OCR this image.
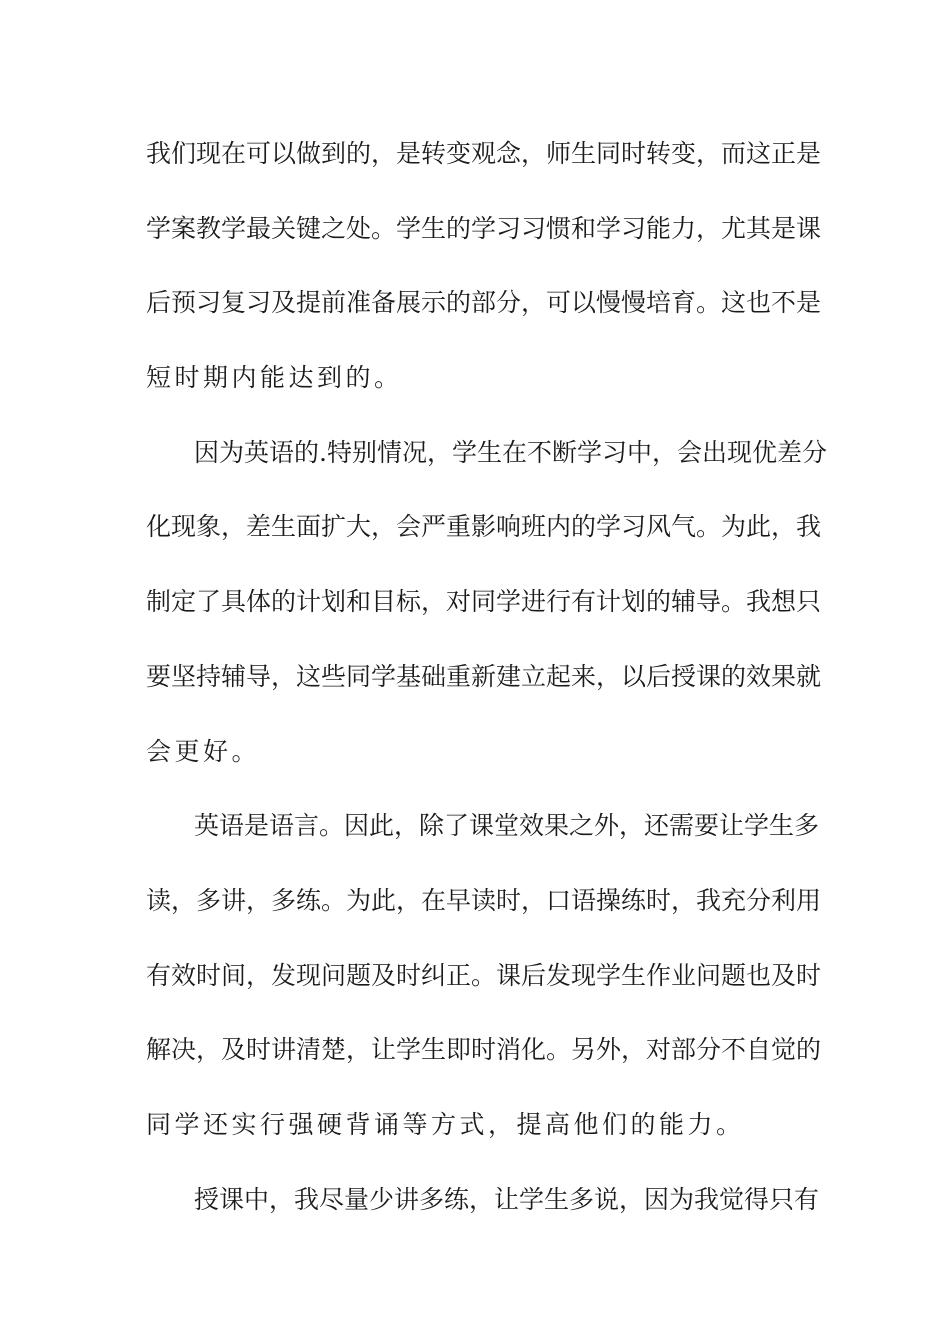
我们现在可以做到的，是转变观念，师生同时转变，而这正是
学案教学最关键之处。学生的学习习惯和学习能力，尤其是课
后预习复习及提前准备展示的部分，可以慢慢培育。这也不是
短时期内能达到的。
因为英语的.特别情况，学生在不断学习中，会出现优差分
化现象，差生面扩大，会严重影响班内的学习风气。为此，我
制定了具体的计划和目标，对同学进行有计划的辅导。我想只
要坚持辅导，这些同学基础重新建立起来，以后授课的效果就
会更好。
英语是语言。因此，除了课堂效果之外，还需要让学生多
读，多讲，多练。为此，在早读时，口语操练时，我充分利用
有效时间，发现问题及时纠正。课后发现学生作业问题也及时
解决，及时讲清楚，让学生即时消化。另外，对部分不自觉的
同学还实行强硬背诵等方式，提高他们的能力。
授课中，我尽量少讲多练，让学生多说，因为我觉得只有
